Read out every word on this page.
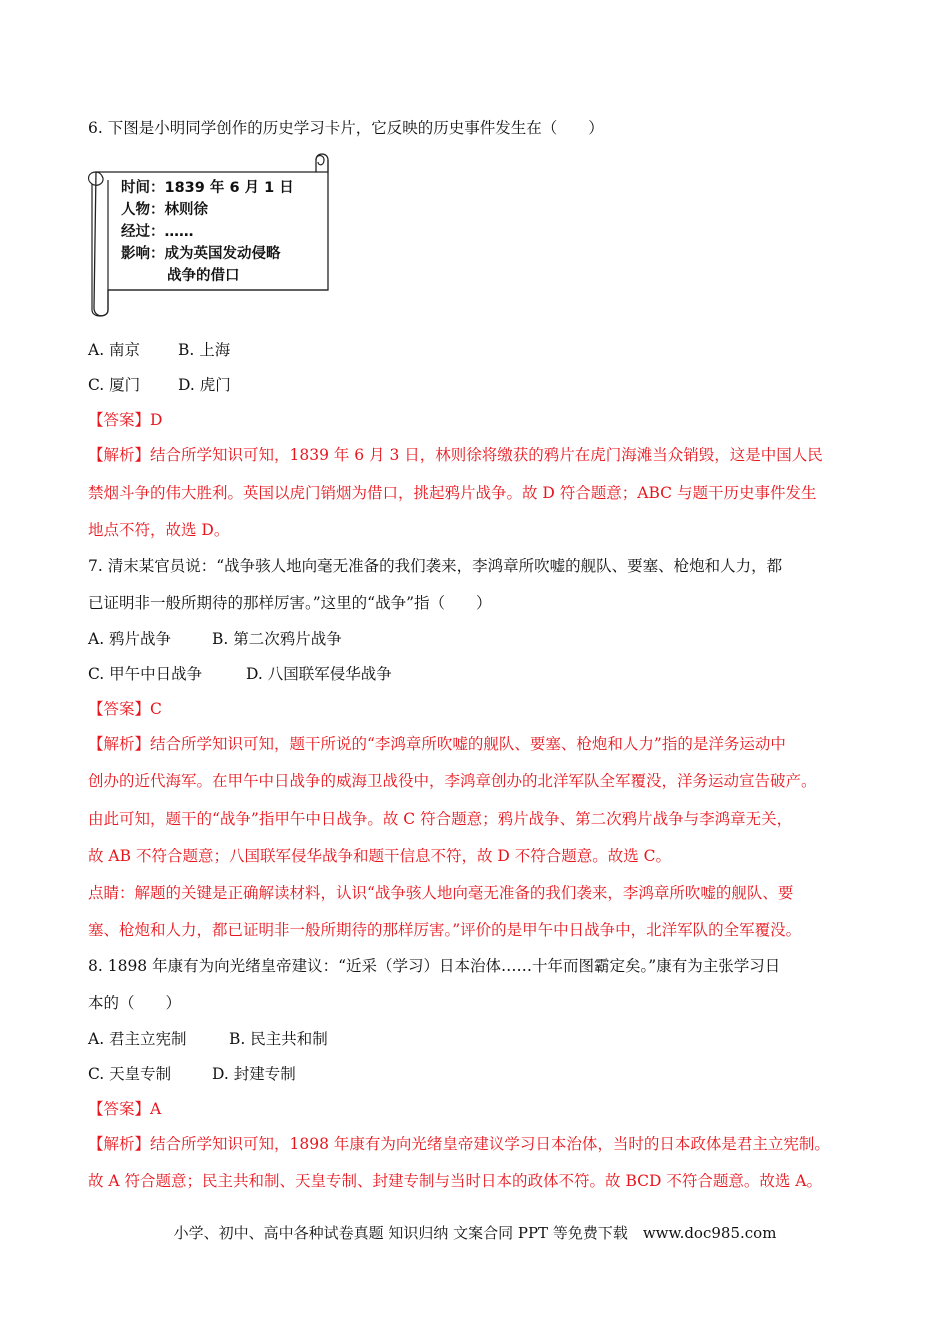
6. 下图是小明同学创作的历史学习卡片，它反映的历史事件发生在（　　）
时间：1839 年 6 月 1 日
人物：林则徐
经过：……
影响：成为英国发动侵略
战争的借口
A. 南京 B. 上海
C. 厦门 D. 虎门
【答案】D
【解析】结合所学知识可知，1839 年 6 月 3 日，林则徐将缴获的鸦片在虎门海滩当众销毁，这是中国人民
禁烟斗争的伟大胜利。英国以虎门销烟为借口，挑起鸦片战争。故 D 符合题意；ABC 与题干历史事件发生
地点不符，故选 D。
7. 清末某官员说：“战争骇人地向毫无准备的我们袭来，李鸿章所吹嘘的舰队、要塞、枪炮和人力，都
已证明非一般所期待的那样厉害。”这里的“战争”指（　　）
A. 鸦片战争	B. 第二次鸦片战争
C. 甲午中日战争	D. 八国联军侵华战争
【答案】C
【解析】结合所学知识可知，题干所说的“李鸿章所吹嘘的舰队、要塞、枪炮和人力”指的是洋务运动中
创办的近代海军。在甲午中日战争的威海卫战役中，李鸿章创办的北洋军队全军覆没，洋务运动宣告破产。
由此可知，题干的“战争”指甲午中日战争。故 C 符合题意；鸦片战争、第二次鸦片战争与李鸿章无关，
故 AB 不符合题意；八国联军侵华战争和题干信息不符，故 D 不符合题意。故选 C。
点睛：解题的关键是正确解读材料，认识“战争骇人地向毫无准备的我们袭来，李鸿章所吹嘘的舰队、要
塞、枪炮和人力，都已证明非一般所期待的那样厉害。”评价的是甲午中日战争中，北洋军队的全军覆没。
8. 1898 年康有为向光绪皇帝建议：“近采（学习）日本治体……十年而图霸定矣。”康有为主张学习日
本的（　　）
A. 君主立宪制	B. 民主共和制
C. 天皇专制	D. 封建专制
【答案】A
【解析】结合所学知识可知，1898 年康有为向光绪皇帝建议学习日本治体，当时的日本政体是君主立宪制。
故 A 符合题意；民主共和制、天皇专制、封建专制与当时日本的政体不符。故 BCD 不符合题意。故选 A。
小学、初中、高中各种试卷真题 知识归纳 文案合同 PPT 等免费下载　www.doc985.com
